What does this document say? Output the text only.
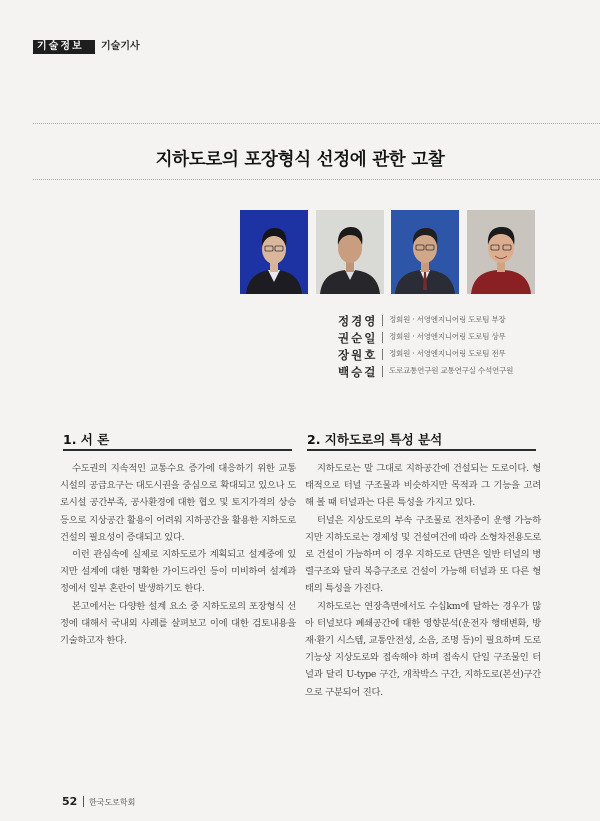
기술정보	기술기사
지하도로의 포장형식 선정에 관한 고찰
정경영 정회원 · 서영엔지니어링 도로팀 부장
권순일 정회원 · 서영엔지니어링 도로팀 상무
장원호 정회원 · 서영엔지니어링 도로팀 전무
백승걸 도로교통연구원 교통연구실 수석연구원
1. 서 론	2. 지하도로의 특성 분석

수도권의 지속적인 교통수요 증가에 대응하기 위한 교통시설의 공급요구는 대도시권을 중심으로 확대되고 있으나 도로시설 공간부족, 공사환경에 대한 협오 및 토지가격의 상승 등으로 지상공간 활용이 어려워 지하공간을 활용한 지하도로 건설의 필요성이 증대되고 있다.

이런 관심속에 실제로 지하도로가 계획되고 설계중에 있지만 설계에 대한 명확한 가이드라인 등이 미비하여 설계과정에서 일부 혼란이 발생하기도 한다.

본고에서는 다양한 설계 요소 중 지하도로의 포장형식 선정에 대해서 국내외 사례를 살펴보고 이에 대한 검토내용을 기술하고자 한다.

지하도로는 말 그대로 지하공간에 건설되는 도로이다. 형태적으로 터널 구조물과 비슷하지만 목적과 그 기능을 고려해 볼 때 터널과는 다른 특성을 가지고 있다.

터널은 지상도로의 부속 구조물로 전차종이 운행 가능하지만 지하도로는 경제성 및 건설여건에 따라 소형차전용도로로 건설이 가능하며 이 경우 지하도로 단면은 일반 터널의 병렬구조와 달리 복층구조로 건설이 가능해 터널과 또 다른 형태의 특성을 가진다.

지하도로는 연장측면에서도 수십km에 달하는 경우가 많아 터널보다 폐쇄공간에 대한 영향분석(운전자 행태변화, 방재·환기 시스템, 교통안전성, 소음, 조명 등)이 필요하며 도로 기능상 지상도로와 접속해야 하며 접속시 단일 구조물인 터널과 달리 U-type 구간, 개착박스 구간, 지하도로(본선)구간으로 구분되어 진다.

52 한국도로학회
